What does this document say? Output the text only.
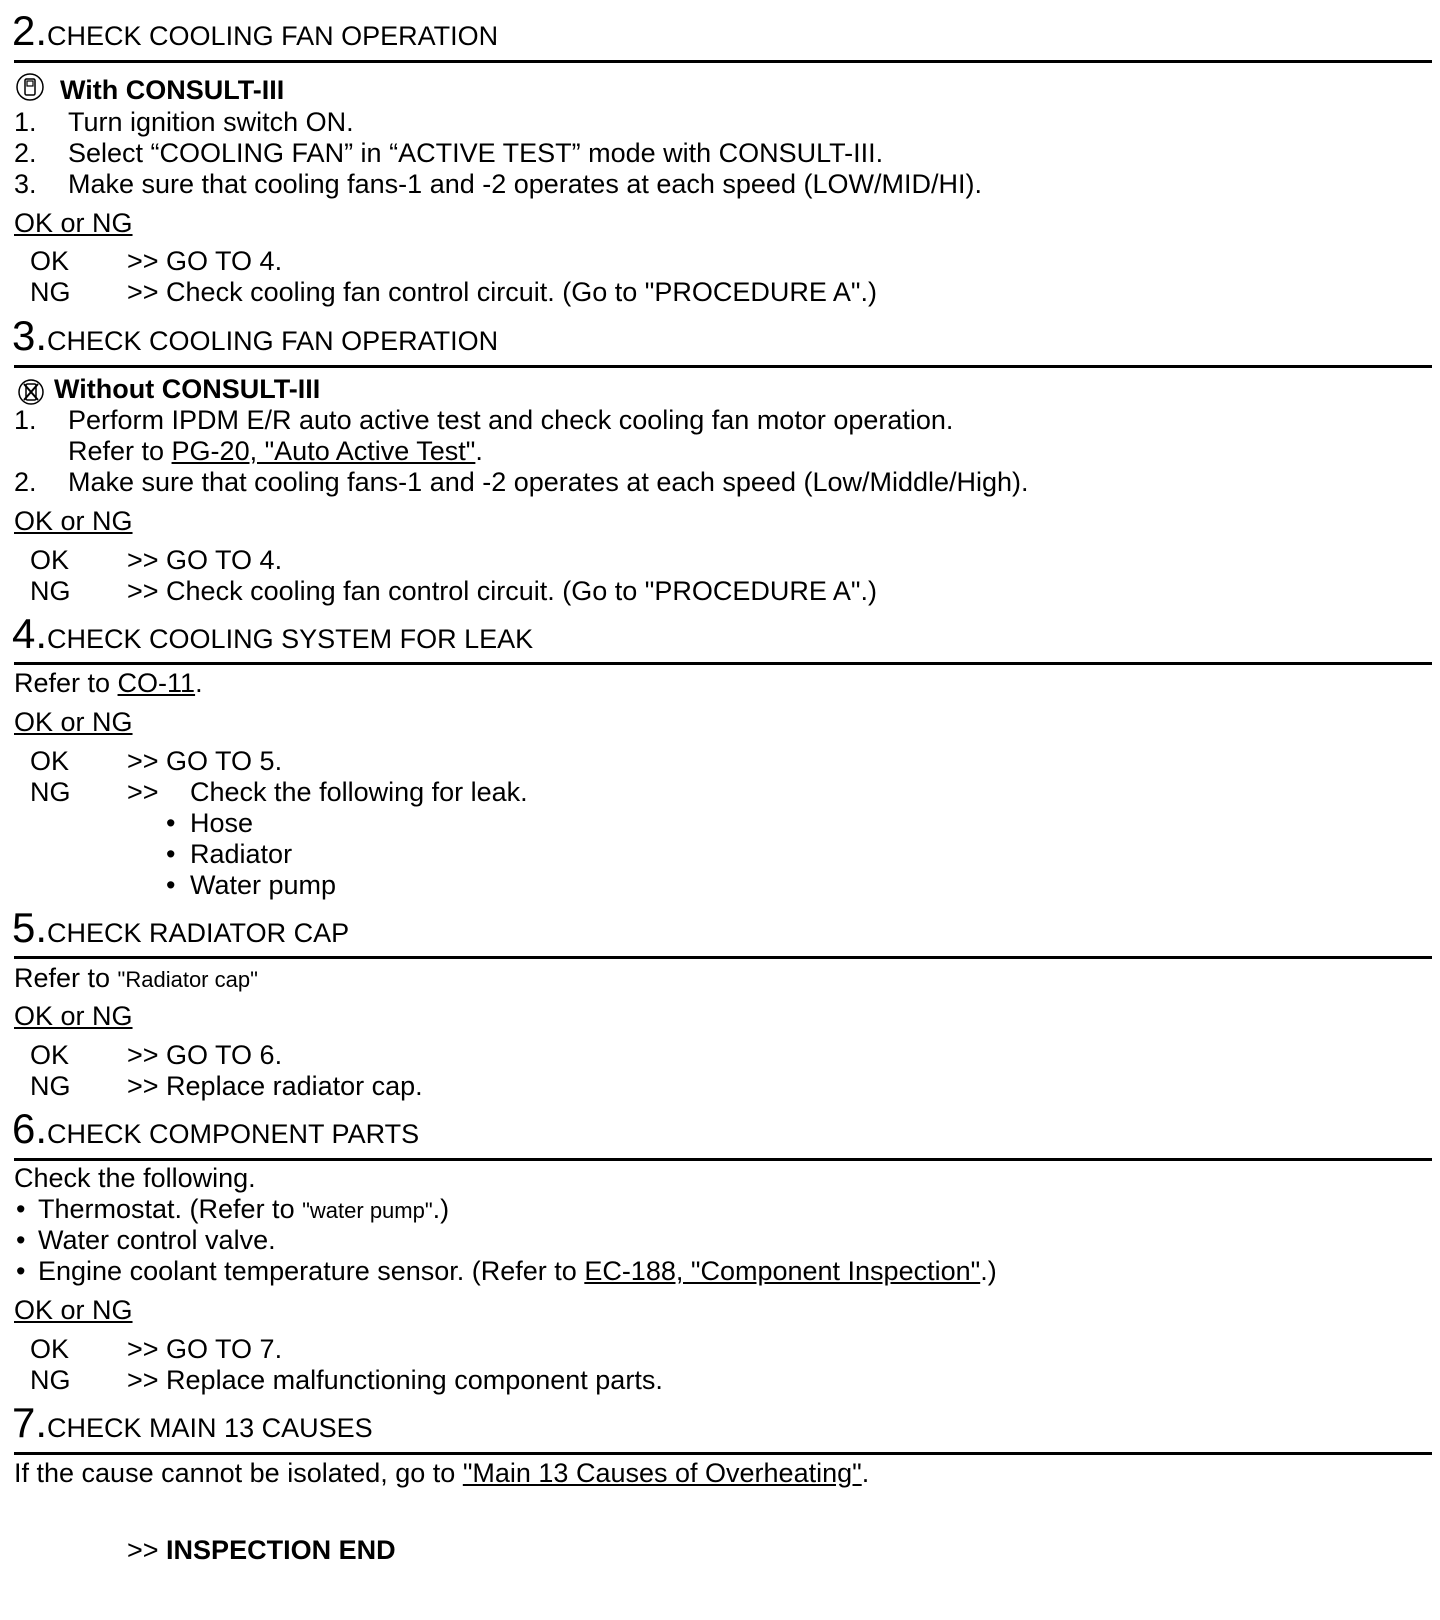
2.CHECK COOLING FAN OPERATION
With CONSULT-III
1. Turn ignition switch ON.
2. Select “COOLING FAN” in “ACTIVE TEST” mode with CONSULT-III.
3. Make sure that cooling fans-1 and -2 operates at each speed (LOW/MID/HI).
OK or NG
OK >> GO TO 4.
NG >> Check cooling fan control circuit. (Go to "PROCEDURE A".)
3.CHECK COOLING FAN OPERATION
Without CONSULT-III
1. Perform IPDM E/R auto active test and check cooling fan motor operation.
Refer to PG-20, "Auto Active Test".
2. Make sure that cooling fans-1 and -2 operates at each speed (Low/Middle/High).
OK or NG
OK >> GO TO 4.
NG >> Check cooling fan control circuit. (Go to "PROCEDURE A".)
4.CHECK COOLING SYSTEM FOR LEAK
Refer to CO-11.
OK or NG
OK >> GO TO 5.
NG >> Check the following for leak.
• Hose
• Radiator
• Water pump
5.CHECK RADIATOR CAP
Refer to "Radiator cap"
OK or NG
OK >> GO TO 6.
NG >> Replace radiator cap.
6.CHECK COMPONENT PARTS
Check the following.
• Thermostat. (Refer to "water pump".)
• Water control valve.
• Engine coolant temperature sensor. (Refer to EC-188, "Component Inspection".)
OK or NG
OK >> GO TO 7.
NG >> Replace malfunctioning component parts.
7.CHECK MAIN 13 CAUSES
If the cause cannot be isolated, go to "Main 13 Causes of Overheating".
>> INSPECTION END
